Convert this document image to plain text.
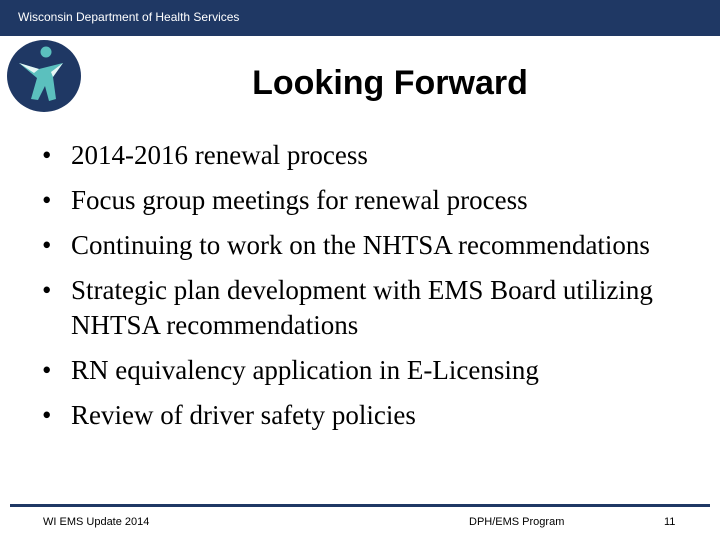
Wisconsin Department of Health Services
Looking Forward
• 2014-2016 renewal process
• Focus group meetings for renewal process
• Continuing to work on the NHTSA recommendations
• Strategic plan development with EMS Board utilizing NHTSA recommendations
• RN equivalency application in E-Licensing
• Review of driver safety policies
WI EMS Update 2014	DPH/EMS Program	11
